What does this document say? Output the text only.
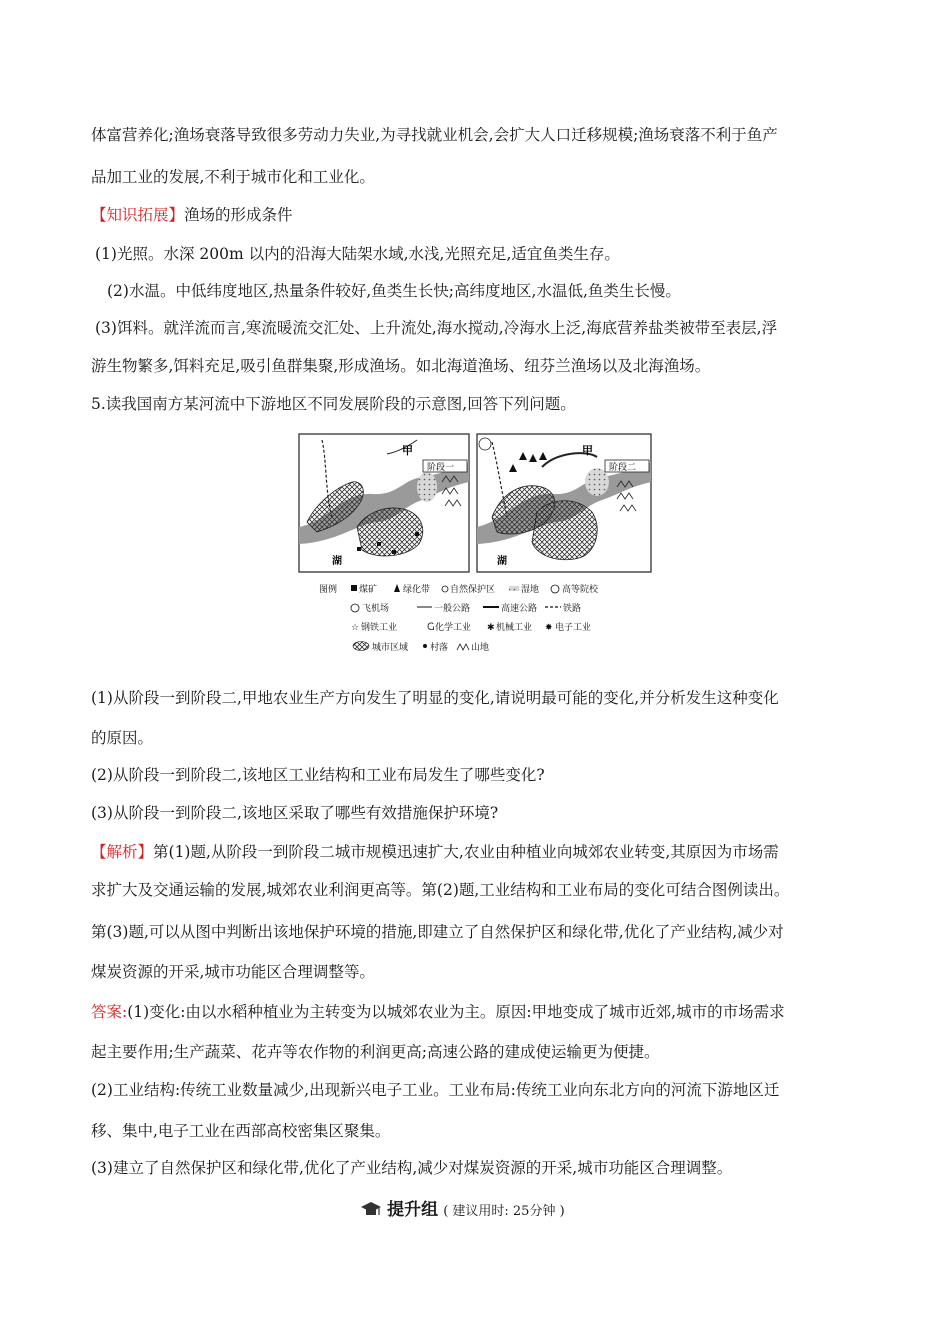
体富营养化;渔场衰落导致很多劳动力失业,为寻找就业机会,会扩大人口迁移规模;渔场衰落不利于鱼产
品加工业的发展,不利于城市化和工业化。
【知识拓展】渔场的形成条件
(1)光照。水深 200m 以内的沿海大陆架水域,水浅,光照充足,适宜鱼类生存。
(2)水温。中低纬度地区,热量条件较好,鱼类生长快;高纬度地区,水温低,鱼类生长慢。
(3)饵料。就洋流而言,寒流暖流交汇处、上升流处,海水搅动,冷海水上泛,海底营养盐类被带至表层,浮
游生物繁多,饵料充足,吸引鱼群集聚,形成渔场。如北海道渔场、纽芬兰渔场以及北海渔场。
5.读我国南方某河流中下游地区不同发展阶段的示意图,回答下列问题。
阶段一
甲
湖
阶段二
甲
湖
图例 煤矿	绿化带 自然保护区	湿地	高等院校
飞机场	一般公路	高速公路	铁路
☆ 钢铁工业	Ⴚ 化学工业 ✱ 机械工业 ✸ 电子工业
城市区域 村落	山地
(1)从阶段一到阶段二,甲地农业生产方向发生了明显的变化,请说明最可能的变化,并分析发生这种变化
的原因。
(2)从阶段一到阶段二,该地区工业结构和工业布局发生了哪些变化?
(3)从阶段一到阶段二,该地区采取了哪些有效措施保护环境?
【解析】第(1)题,从阶段一到阶段二城市规模迅速扩大,农业由种植业向城郊农业转变,其原因为市场需
求扩大及交通运输的发展,城郊农业利润更高等。第(2)题,工业结构和工业布局的变化可结合图例读出。
第(3)题,可以从图中判断出该地保护环境的措施,即建立了自然保护区和绿化带,优化了产业结构,减少对
煤炭资源的开采,城市功能区合理调整等。
答案:(1)变化:由以水稻种植业为主转变为以城郊农业为主。原因:甲地变成了城市近郊,城市的市场需求
起主要作用;生产蔬菜、花卉等农作物的利润更高;高速公路的建成使运输更为便捷。
(2)工业结构:传统工业数量减少,出现新兴电子工业。工业布局:传统工业向东北方向的河流下游地区迁
移、集中,电子工业在西部高校密集区聚集。
(3)建立了自然保护区和绿化带,优化了产业结构,减少对煤炭资源的开采,城市功能区合理调整。
提升组 ( 建议用时: 25分钟 )
